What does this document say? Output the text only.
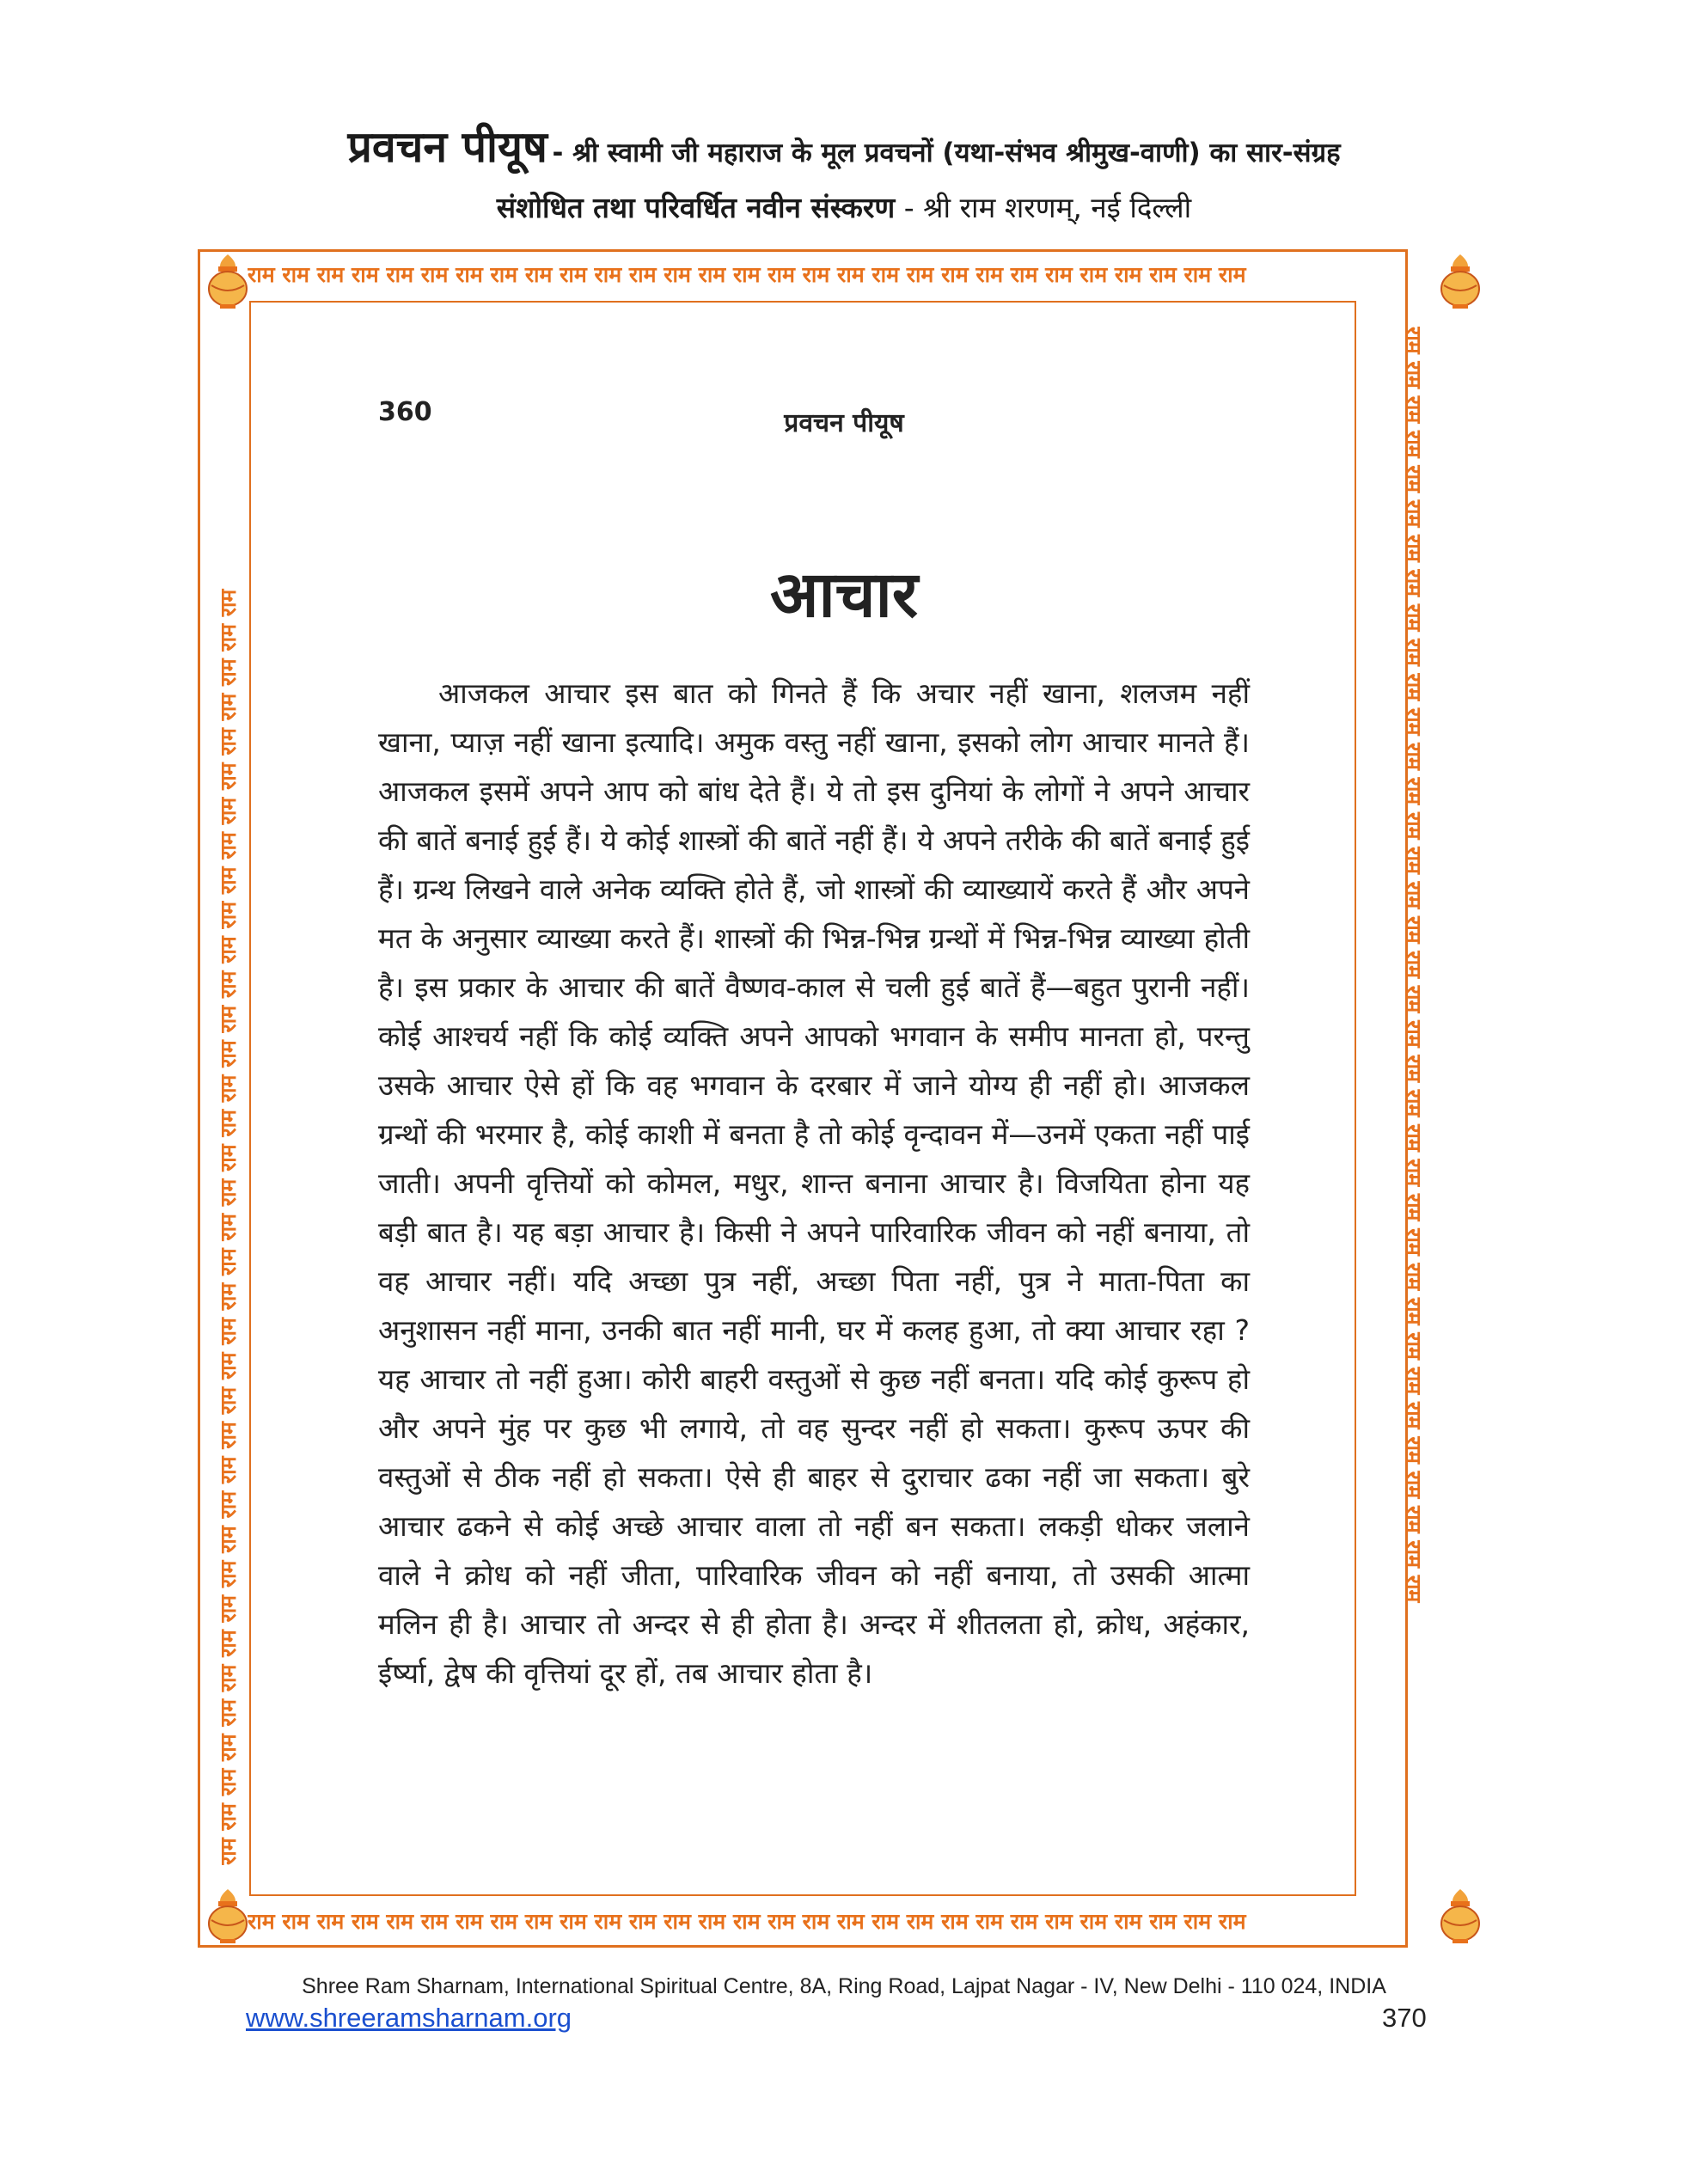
प्रवचन पीयूष - श्री स्वामी जी महाराज के मूल प्रवचनों (यथा-संभव श्रीमुख-वाणी) का सार-संग्रह
संशोधित तथा परिवर्धित नवीन संस्करण - श्री राम शरणम्, नई दिल्ली
राम राम राम राम राम राम राम राम राम राम राम राम राम राम राम राम राम राम राम राम राम राम राम राम राम राम राम राम राम
राम राम राम राम राम राम राम राम राम राम राम राम राम राम राम राम राम राम राम राम राम राम राम राम राम राम राम राम राम
राम राम राम राम राम राम राम राम राम राम राम राम राम राम राम राम राम राम राम राम राम राम राम राम राम राम राम राम राम राम राम राम राम राम राम राम राम	राम राम राम राम राम राम राम राम राम राम राम राम राम राम राम राम राम राम राम राम राम राम राम राम राम राम राम राम राम राम राम राम राम राम राम राम राम
360	प्रवचन पीयूष
आचार
आजकल आचार इस बात को गिनते हैं कि अचार नहीं खाना, शलजम नहीं खाना, प्याज़ नहीं खाना इत्यादि। अमुक वस्तु नहीं खाना, इसको लोग आचार मानते हैं। आजकल इसमें अपने आप को बांध देते हैं। ये तो इस दुनियां के लोगों ने अपने आचार की बातें बनाई हुई हैं। ये कोई शास्त्रों की बातें नहीं हैं। ये अपने तरीके की बातें बनाई हुई हैं। ग्रन्थ लिखने वाले अनेक व्यक्ति होते हैं, जो शास्त्रों की व्याख्यायें करते हैं और अपने मत के अनुसार व्याख्या करते हैं। शास्त्रों की भिन्न-भिन्न ग्रन्थों में भिन्न-भिन्न व्याख्या होती है। इस प्रकार के आचार की बातें वैष्णव-काल से चली हुई बातें हैं—बहुत पुरानी नहीं। कोई आश्चर्य नहीं कि कोई व्यक्ति अपने आपको भगवान के समीप मानता हो, परन्तु उसके आचार ऐसे हों कि वह भगवान के दरबार में जाने योग्य ही नहीं हो। आजकल ग्रन्थों की भरमार है, कोई काशी में बनता है तो कोई वृन्दावन में—उनमें एकता नहीं पाई जाती। अपनी वृत्तियों को कोमल, मधुर, शान्त बनाना आचार है। विजयिता होना यह बड़ी बात है। यह बड़ा आचार है। किसी ने अपने पारिवारिक जीवन को नहीं बनाया, तो वह आचार नहीं। यदि अच्छा पुत्र नहीं, अच्छा पिता नहीं, पुत्र ने माता-पिता का अनुशासन नहीं माना, उनकी बात नहीं मानी, घर में कलह हुआ, तो क्या आचार रहा ? यह आचार तो नहीं हुआ। कोरी बाहरी वस्तुओं से कुछ नहीं बनता। यदि कोई कुरूप हो और अपने मुंह पर कुछ भी लगाये, तो वह सुन्दर नहीं हो सकता। कुरूप ऊपर की वस्तुओं से ठीक नहीं हो सकता। ऐसे ही बाहर से दुराचार ढका नहीं जा सकता। बुरे आचार ढकने से कोई अच्छे आचार वाला तो नहीं बन सकता। लकड़ी धोकर जलाने वाले ने क्रोध को नहीं जीता, पारिवारिक जीवन को नहीं बनाया, तो उसकी आत्मा मलिन ही है। आचार तो अन्दर से ही होता है। अन्दर में शीतलता हो, क्रोध, अहंकार, ईर्ष्या, द्वेष की वृत्तियां दूर हों, तब आचार होता है।
Shree Ram Sharnam, International Spiritual Centre, 8A, Ring Road, Lajpat Nagar - IV, New Delhi - 110 024, INDIA
www.shreeramsharnam.org	370
